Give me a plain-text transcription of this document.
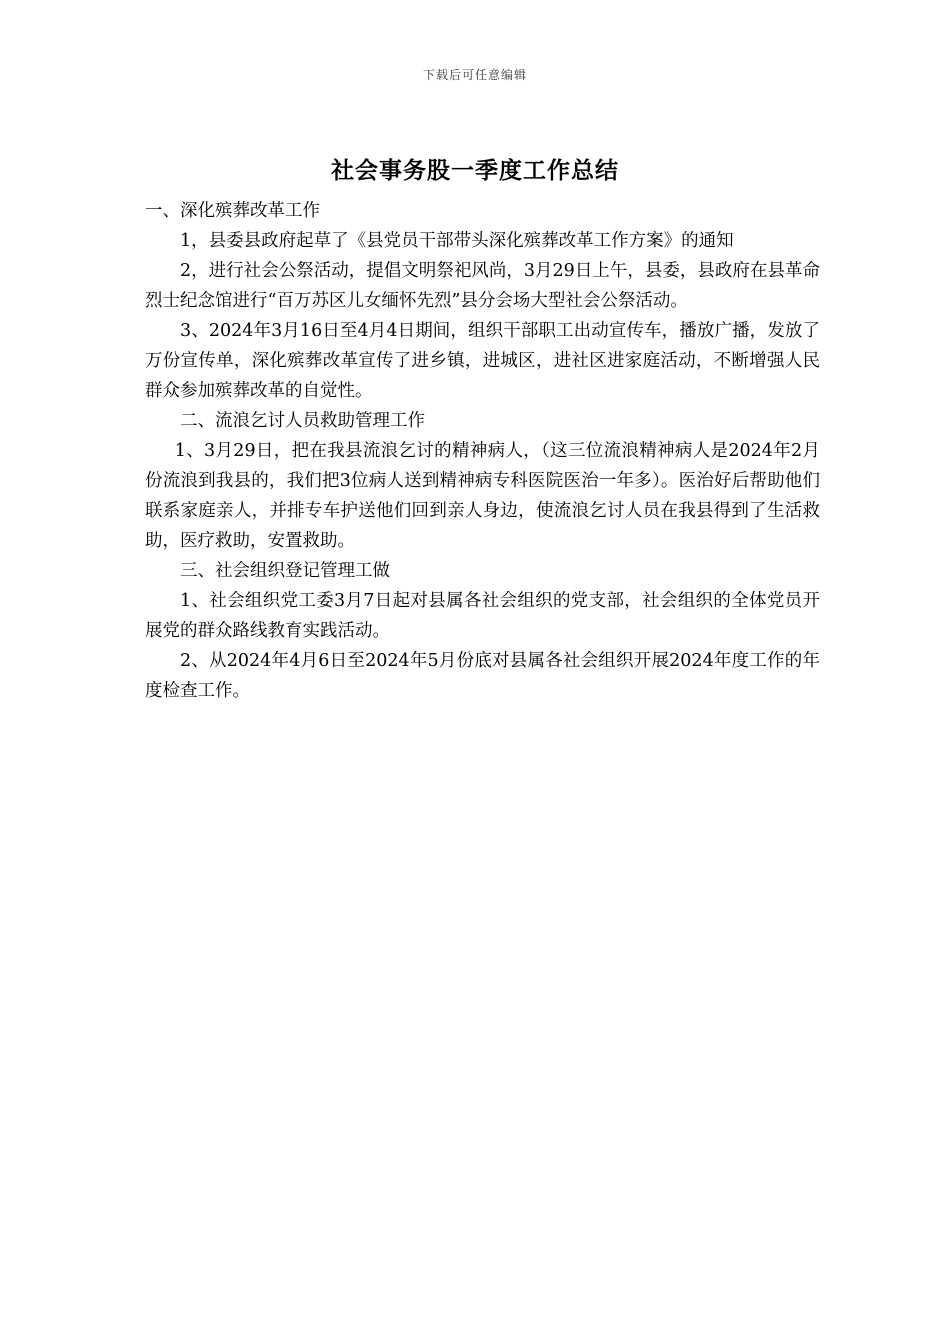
下载后可任意编辑
社会事务股一季度工作总结

一、深化殡葬改革工作

1，县委县政府起草了《县党员干部带头深化殡葬改革工作方案》的通知

2，进行社会公祭活动，提倡文明祭祀风尚，3月29日上午，县委，县政府在县革命烈士纪念馆进行“百万苏区儿女缅怀先烈”县分会场大型社会公祭活动。

3、2024年3月16日至4月4日期间，组织干部职工出动宣传车，播放广播，发放了万份宣传单，深化殡葬改革宣传了进乡镇，进城区，进社区进家庭活动，不断增强人民群众参加殡葬改革的自觉性。

二、流浪乞讨人员救助管理工作

1、3月29日，把在我县流浪乞讨的精神病人，（这三位流浪精神病人是2024年2月份流浪到我县的，我们把3位病人送到精神病专科医院医治一年多）。医治好后帮助他们联系家庭亲人，并排专车护送他们回到亲人身边，使流浪乞讨人员在我县得到了生活救助，医疗救助，安置救助。

三、社会组织登记管理工做

1、社会组织党工委3月7日起对县属各社会组织的党支部，社会组织的全体党员开展党的群众路线教育实践活动。

2、从2024年4月6日至2024年5月份底对县属各社会组织开展2024年度工作的年度检查工作。
